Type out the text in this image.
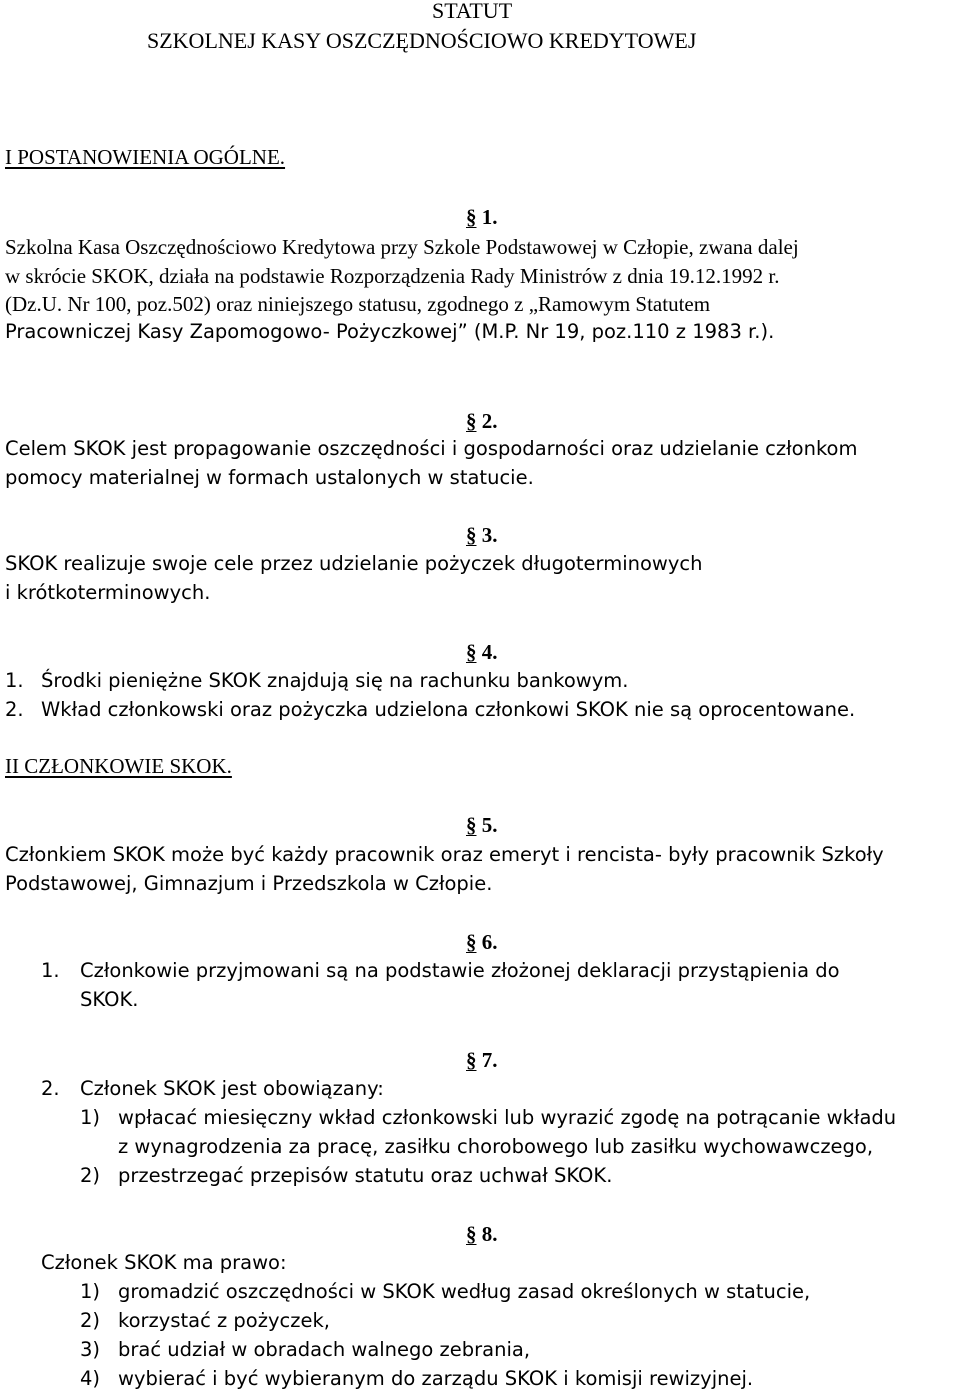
STATUT
SZKOLNEJ KASY OSZCZĘDNOŚCIOWO KREDYTOWEJ
I POSTANOWIENIA OGÓLNE.
§ 1.
Szkolna Kasa Oszczędnościowo Kredytowa przy Szkole Podstawowej w Człopie, zwana dalej
w skrócie SKOK, działa na podstawie Rozporządzenia Rady Ministrów z dnia 19.12.1992 r.
(Dz.U. Nr 100, poz.502) oraz niniejszego statusu, zgodnego z „Ramowym Statutem
Pracowniczej Kasy Zapomogowo- Pożyczkowej” (M.P. Nr 19, poz.110 z 1983 r.).
§ 2.
Celem SKOK jest propagowanie oszczędności i gospodarności oraz udzielanie członkom
pomocy materialnej w formach ustalonych w statucie.
§ 3.
SKOK realizuje swoje cele przez udzielanie pożyczek długoterminowych
i krótkoterminowych.
§ 4.
1. Środki pieniężne SKOK znajdują się na rachunku bankowym.
2. Wkład członkowski oraz pożyczka udzielona członkowi SKOK nie są oprocentowane.
II CZŁONKOWIE SKOK.
§ 5.
Członkiem SKOK może być każdy pracownik oraz emeryt i rencista- były pracownik Szkoły
Podstawowej, Gimnazjum i Przedszkola w Człopie.
§ 6.
1. Członkowie przyjmowani są na podstawie złożonej deklaracji przystąpienia do
SKOK.
§ 7.
2. Członek SKOK jest obowiązany:
1) wpłacać miesięczny wkład członkowski lub wyrazić zgodę na potrącanie wkładu
z wynagrodzenia za pracę, zasiłku chorobowego lub zasiłku wychowawczego,
2) przestrzegać przepisów statutu oraz uchwał SKOK.
§ 8.
Członek SKOK ma prawo:
1) gromadzić oszczędności w SKOK według zasad określonych w statucie,
2) korzystać z pożyczek,
3) brać udział w obradach walnego zebrania,
4) wybierać i być wybieranym do zarządu SKOK i komisji rewizyjnej.
